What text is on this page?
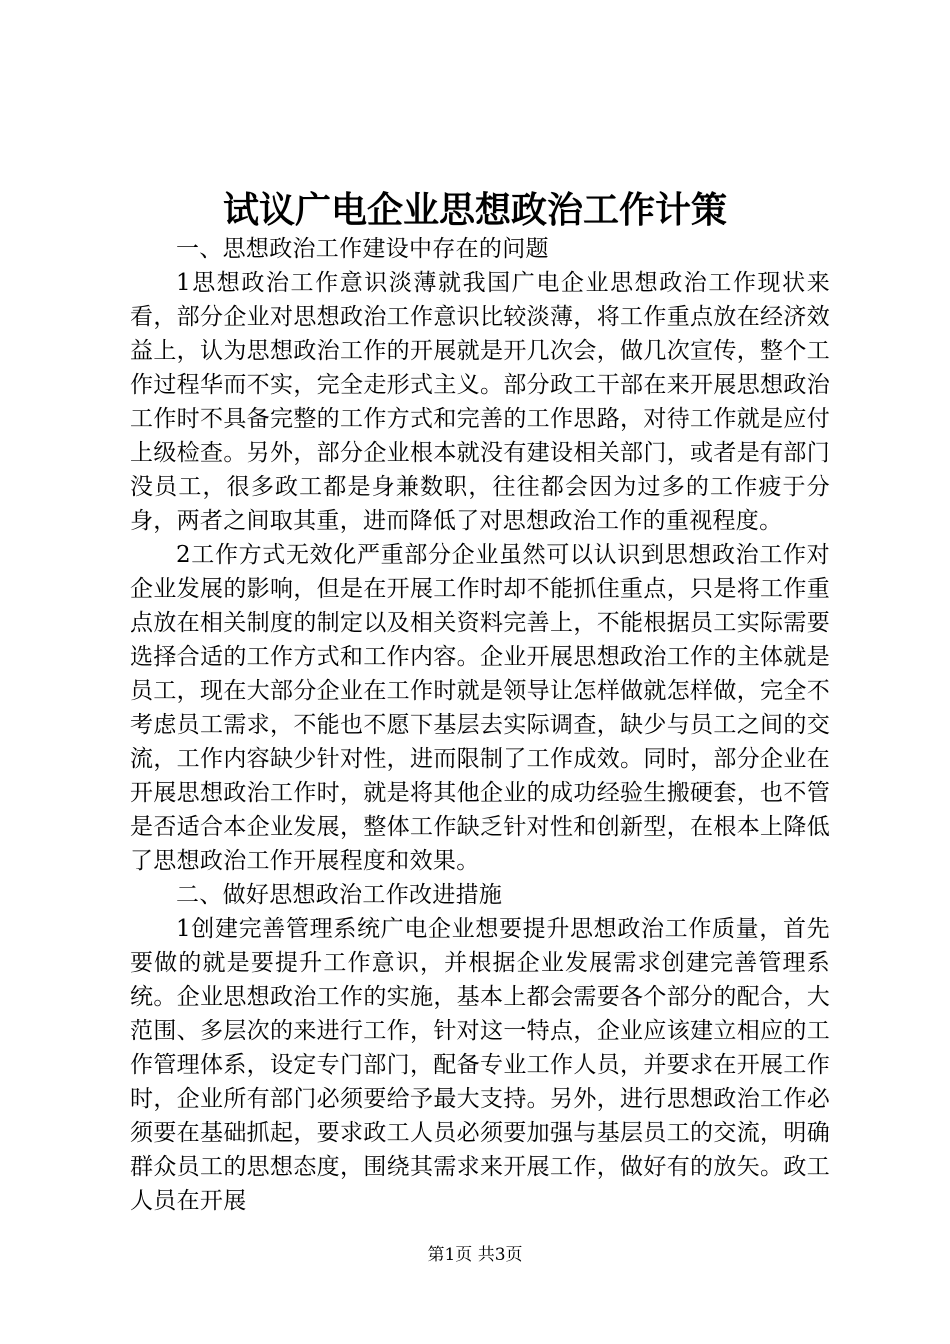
试议广电企业思想政治工作计策

一、思想政治工作建设中存在的问题

1思想政治工作意识淡薄就我国广电企业思想政治工作现状来看，部分企业对思想政治工作意识比较淡薄，将工作重点放在经济效益上，认为思想政治工作的开展就是开几次会，做几次宣传，整个工作过程华而不实，完全走形式主义。部分政工干部在来开展思想政治工作时不具备完整的工作方式和完善的工作思路，对待工作就是应付上级检查。另外，部分企业根本就没有建设相关部门，或者是有部门没员工，很多政工都是身兼数职，往往都会因为过多的工作疲于分身，两者之间取其重，进而降低了对思想政治工作的重视程度。

2工作方式无效化严重部分企业虽然可以认识到思想政治工作对企业发展的影响，但是在开展工作时却不能抓住重点，只是将工作重点放在相关制度的制定以及相关资料完善上，不能根据员工实际需要选择合适的工作方式和工作内容。企业开展思想政治工作的主体就是员工，现在大部分企业在工作时就是领导让怎样做就怎样做，完全不考虑员工需求，不能也不愿下基层去实际调查，缺少与员工之间的交流，工作内容缺少针对性，进而限制了工作成效。同时，部分企业在开展思想政治工作时，就是将其他企业的成功经验生搬硬套，也不管是否适合本企业发展，整体工作缺乏针对性和创新型，在根本上降低了思想政治工作开展程度和效果。

二、做好思想政治工作改进措施

1创建完善管理系统广电企业想要提升思想政治工作质量，首先要做的就是要提升工作意识，并根据企业发展需求创建完善管理系统。企业思想政治工作的实施，基本上都会需要各个部分的配合，大范围、多层次的来进行工作，针对这一特点，企业应该建立相应的工作管理体系，设定专门部门，配备专业工作人员，并要求在开展工作时，企业所有部门必须要给予最大支持。另外，进行思想政治工作必须要在基础抓起，要求政工人员必须要加强与基层员工的交流，明确群众员工的思想态度，围绕其需求来开展工作，做好有的放矢。政工人员在开展

第1页 共3页
